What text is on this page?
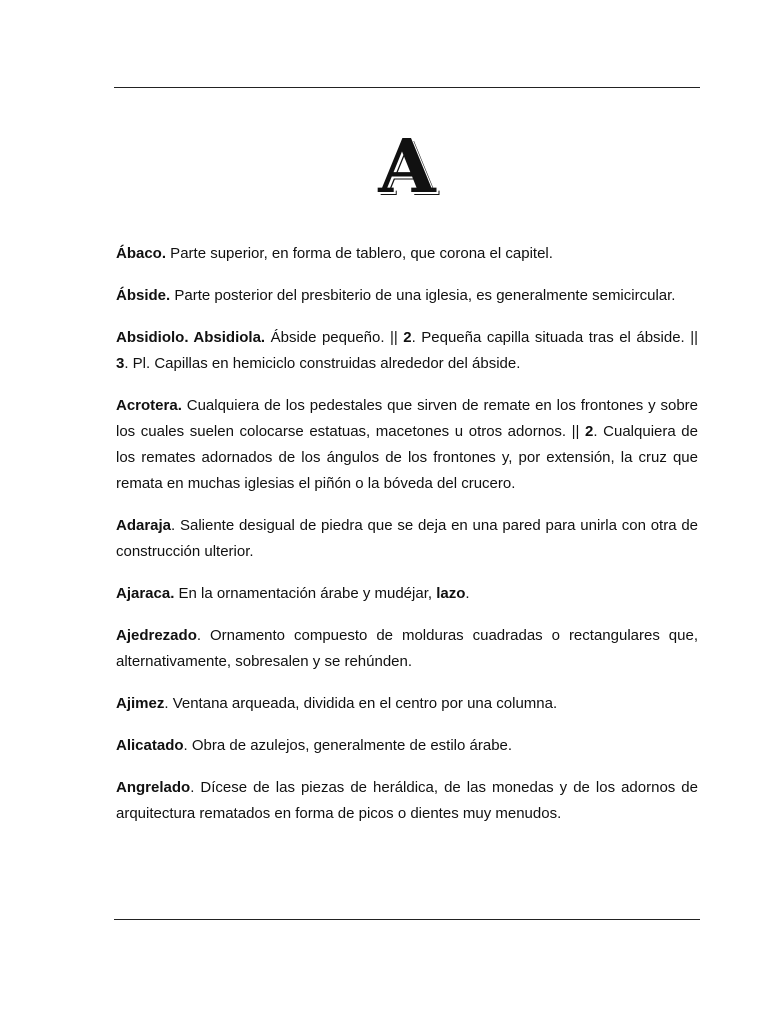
A

Ábaco. Parte superior, en forma de tablero, que corona el capitel.

Ábside. Parte posterior del presbiterio de una iglesia, es generalmente semicircular.

Absidiolo. Absidiola. Ábside pequeño. || 2. Pequeña capilla situada tras el ábside. || 3. Pl. Capillas en hemiciclo construidas alrededor del ábside.

Acrotera. Cualquiera de los pedestales que sirven de remate en los frontones y sobre los cuales suelen colocarse estatuas, macetones u otros adornos. || 2. Cualquiera de los remates adornados de los ángulos de los frontones y, por extensión, la cruz que remata en muchas iglesias el piñón o la bóveda del crucero.

Adaraja. Saliente desigual de piedra que se deja en una pared para unirla con otra de construcción ulterior.

Ajaraca. En la ornamentación árabe y mudéjar, lazo.

Ajedrezado. Ornamento compuesto de molduras cuadradas o rectangulares que, alternativamente, sobresalen y se rehúnden.

Ajimez. Ventana arqueada, dividida en el centro por una columna.

Alicatado. Obra de azulejos, generalmente de estilo árabe.

Angrelado. Dícese de las piezas de heráldica, de las monedas y de los adornos de arquitectura rematados en forma de picos o dientes muy menudos.
